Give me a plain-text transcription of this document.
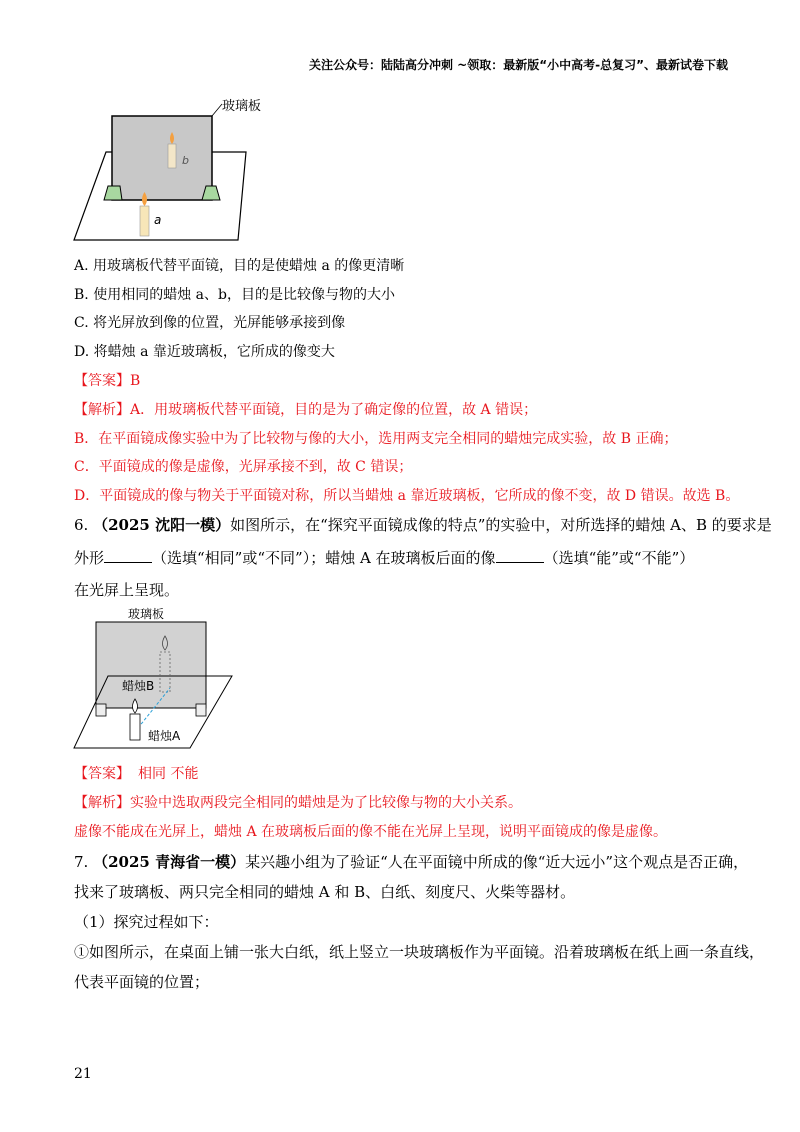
关注公众号：陆陆高分冲刺 ~领取：最新版“小中高考-总复习”、最新试卷下载
玻璃板
b
a
A. 用玻璃板代替平面镜，目的是使蜡烛 a 的像更清晰
B. 使用相同的蜡烛 a、b，目的是比较像与物的大小
C. 将光屏放到像的位置，光屏能够承接到像
D. 将蜡烛 a 靠近玻璃板，它所成的像变大
【答案】B
【解析】A．用玻璃板代替平面镜，目的是为了确定像的位置，故 A 错误；
B．在平面镜成像实验中为了比较物与像的大小，选用两支完全相同的蜡烛完成实验，故 B 正确；
C．平面镜成的像是虚像，光屏承接不到，故 C 错误；
D．平面镜成的像与物关于平面镜对称，所以当蜡烛 a 靠近玻璃板，它所成的像不变，故 D 错误。故选 B。
6. （2025 沈阳一模）如图所示，在“探究平面镜成像的特点”的实验中，对所选择的蜡烛 A、B 的要求是
外形	（选填“相同”或“不同”）；蜡烛 A 在玻璃板后面的像	（选填“能”或“不能”）
在光屏上呈现。
玻璃板
蜡烛B
蜡烛A
【答案】 相同 不能
【解析】实验中选取两段完全相同的蜡烛是为了比较像与物的大小关系。
虚像不能成在光屏上，蜡烛 A 在玻璃板后面的像不能在光屏上呈现，说明平面镜成的像是虚像。
7. （2025 青海省一模）某兴趣小组为了验证“人在平面镜中所成的像“近大远小”这个观点是否正确，
找来了玻璃板、两只完全相同的蜡烛 A 和 B、白纸、刻度尺、火柴等器材。
（1）探究过程如下：
①如图所示，在桌面上铺一张大白纸，纸上竖立一块玻璃板作为平面镜。沿着玻璃板在纸上画一条直线，
代表平面镜的位置；
21
